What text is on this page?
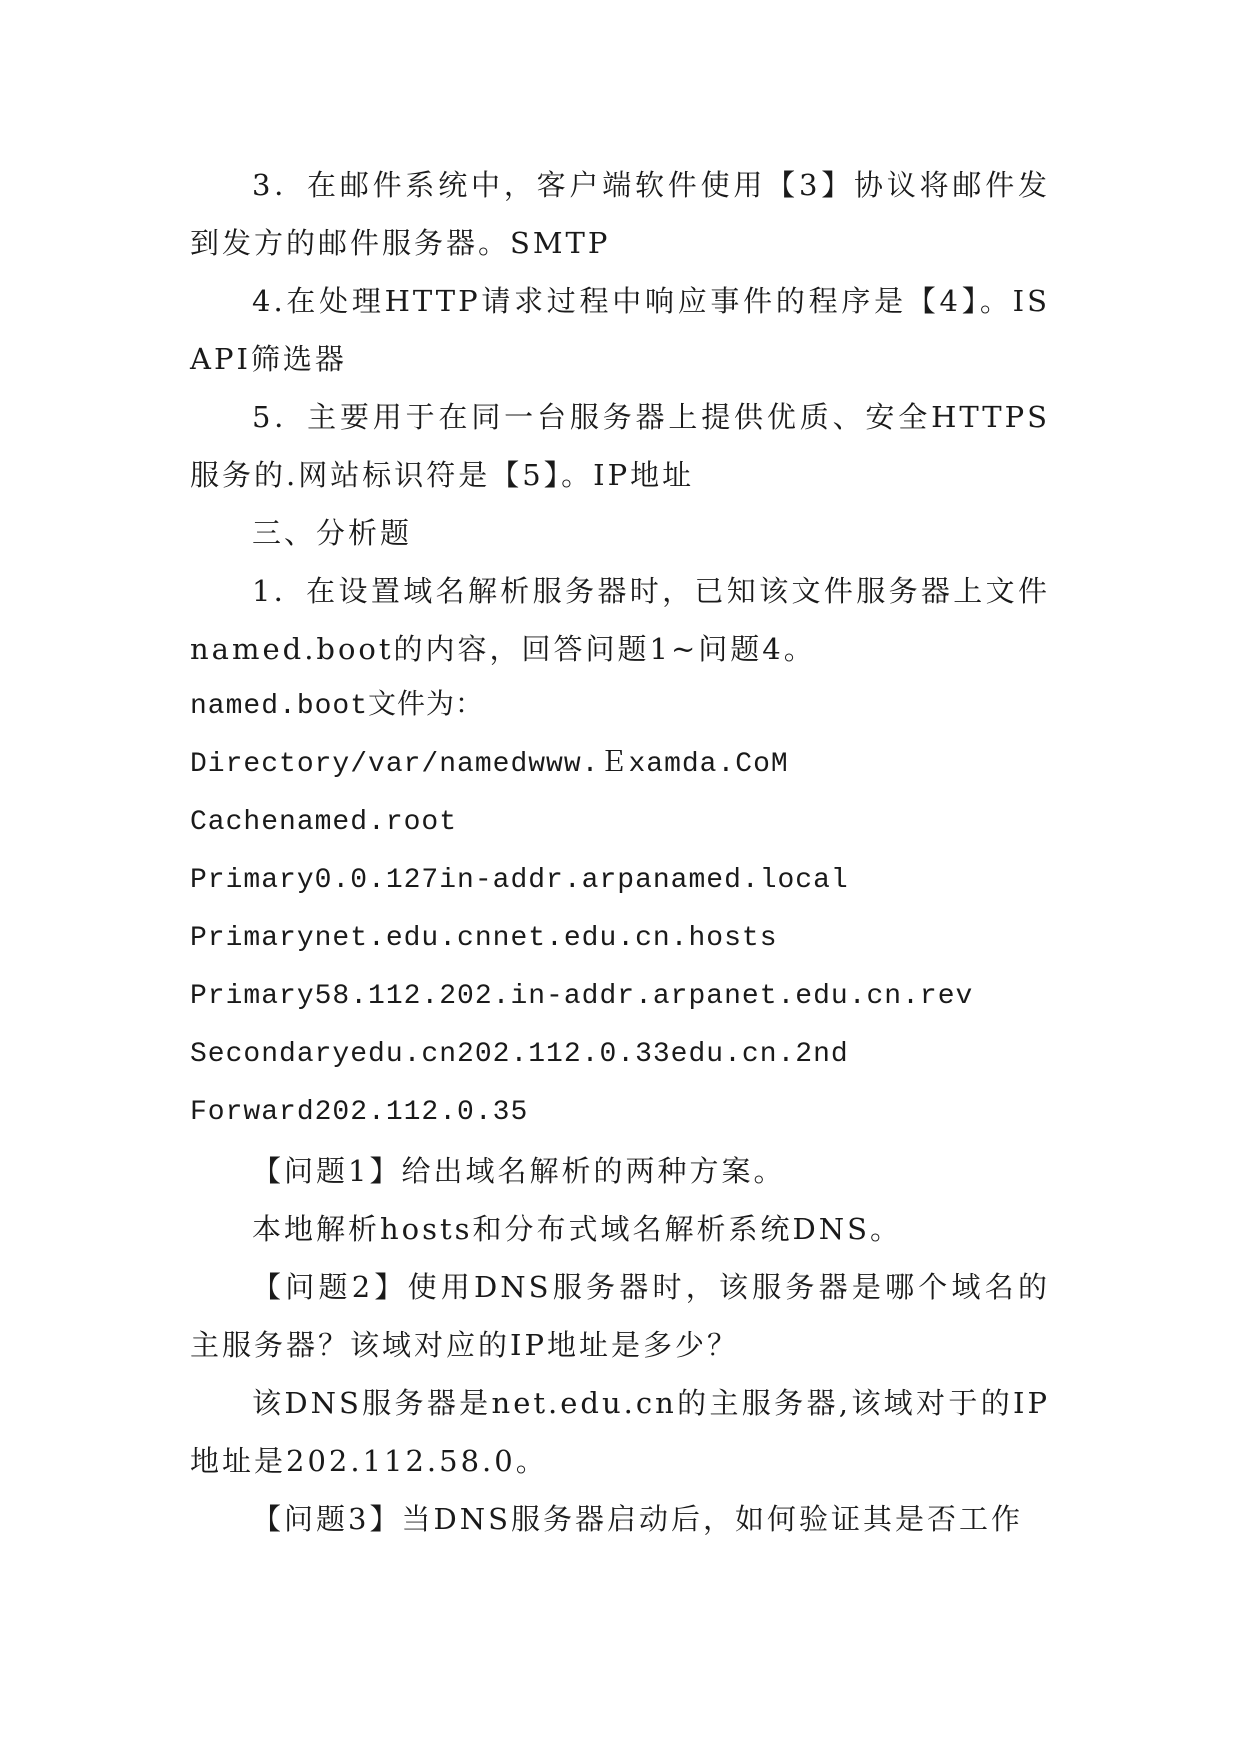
3．在邮件系统中，客户端软件使用【3】协议将邮件发到发方的邮件服务器。SMTP

4.在处理HTTP请求过程中响应事件的程序是【4】。ISAPI筛选器

5．主要用于在同一台服务器上提供优质、安全HTTPS服务的.网站标识符是【5】。IP地址

三、分析题

1．在设置域名解析服务器时，已知该文件服务器上文件named.boot的内容，回答问题1~问题4。

named.boot文件为：

Directory/var/namedwww.Ｅxamda.CoM

Cachenamed.root

Primary0.0.127in-addr.arpanamed.local

Primarynet.edu.cnnet.edu.cn.hosts

Primary58.112.202.in-addr.arpanet.edu.cn.rev

Secondaryedu.cn202.112.0.33edu.cn.2nd

Forward202.112.0.35

【问题1】给出域名解析的两种方案。

本地解析hosts和分布式域名解析系统DNS。

【问题2】使用DNS服务器时，该服务器是哪个域名的主服务器？该域对应的IP地址是多少？

该DNS服务器是net.edu.cn的主服务器,该域对于的IP地址是202.112.58.0。

【问题3】当DNS服务器启动后，如何验证其是否工作
